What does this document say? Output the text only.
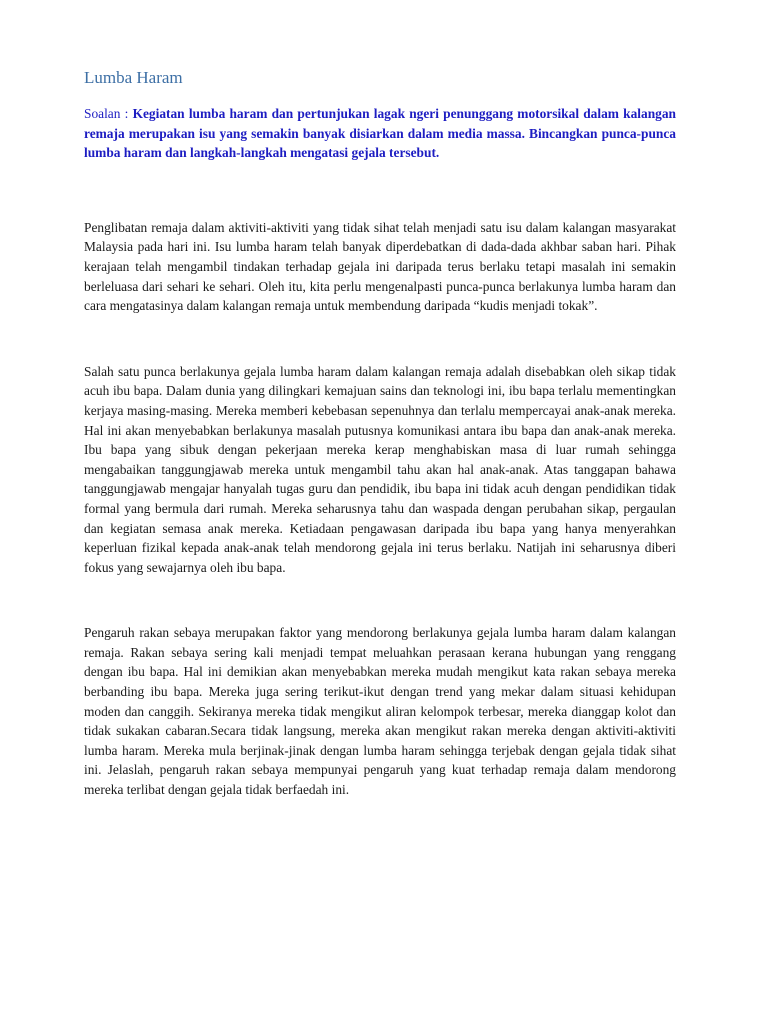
Lumba Haram

Soalan : Kegiatan lumba haram dan pertunjukan lagak ngeri penunggang motorsikal dalam kalangan remaja merupakan isu yang semakin banyak disiarkan dalam media massa. Bincangkan punca-punca lumba haram dan langkah-langkah mengatasi gejala tersebut.

Penglibatan remaja dalam aktiviti-aktiviti yang tidak sihat telah menjadi satu isu dalam kalangan masyarakat Malaysia pada hari ini. Isu lumba haram telah banyak diperdebatkan di dada-dada akhbar saban hari. Pihak kerajaan telah mengambil tindakan terhadap gejala ini daripada terus berlaku tetapi masalah ini semakin berleluasa dari sehari ke sehari. Oleh itu, kita perlu mengenalpasti punca-punca berlakunya lumba haram dan cara mengatasinya dalam kalangan remaja untuk membendung daripada “kudis menjadi tokak”.

Salah satu punca berlakunya gejala lumba haram dalam kalangan remaja adalah disebabkan oleh sikap tidak acuh ibu bapa. Dalam dunia yang dilingkari kemajuan sains dan teknologi ini, ibu bapa terlalu mementingkan kerjaya masing-masing. Mereka memberi kebebasan sepenuhnya dan terlalu mempercayai anak-anak mereka. Hal ini akan menyebabkan berlakunya masalah putusnya komunikasi antara ibu bapa dan anak-anak mereka. Ibu bapa yang sibuk dengan pekerjaan mereka kerap menghabiskan masa di luar rumah sehingga mengabaikan tanggungjawab mereka untuk mengambil tahu akan hal anak-anak. Atas tanggapan bahawa tanggungjawab mengajar hanyalah tugas guru dan pendidik, ibu bapa ini tidak acuh dengan pendidikan tidak formal yang bermula dari rumah. Mereka seharusnya tahu dan waspada dengan perubahan sikap, pergaulan dan kegiatan semasa anak mereka. Ketiadaan pengawasan daripada ibu bapa yang hanya menyerahkan keperluan fizikal kepada anak-anak telah mendorong gejala ini terus berlaku. Natijah ini seharusnya diberi fokus yang sewajarnya oleh ibu bapa.

Pengaruh rakan sebaya merupakan faktor yang mendorong berlakunya gejala lumba haram dalam kalangan remaja. Rakan sebaya sering kali menjadi tempat meluahkan perasaan kerana hubungan yang renggang dengan ibu bapa. Hal ini demikian akan menyebabkan mereka mudah mengikut kata rakan sebaya mereka berbanding ibu bapa. Mereka juga sering terikut-ikut dengan trend yang mekar dalam situasi kehidupan moden dan canggih. Sekiranya mereka tidak mengikut aliran kelompok terbesar, mereka dianggap kolot dan tidak sukakan cabaran.Secara tidak langsung, mereka akan mengikut rakan mereka dengan aktiviti-aktiviti lumba haram. Mereka mula berjinak-jinak dengan lumba haram sehingga terjebak dengan gejala tidak sihat ini. Jelaslah, pengaruh rakan sebaya mempunyai pengaruh yang kuat terhadap remaja dalam mendorong mereka terlibat dengan gejala tidak berfaedah ini.
